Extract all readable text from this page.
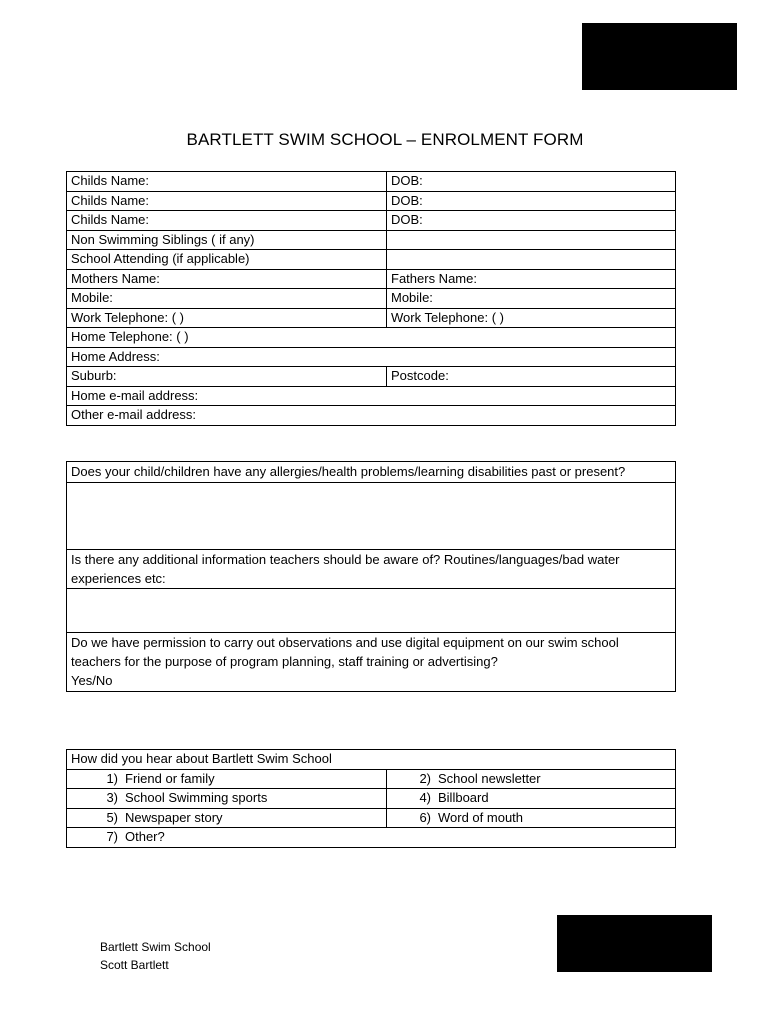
BARTLETT SWIM SCHOOL – ENROLMENT FORM
Childs Name:	DOB:
Childs Name:	DOB:
Childs Name:	DOB:
Non Swimming Siblings ( if any)	
School Attending (if applicable)	
Mothers Name:	Fathers Name:
Mobile:	Mobile:
Work Telephone: ( )	Work Telephone: ( )
Home Telephone: ( )	
Home Address:	
Suburb:	Postcode:
Home e-mail address:	
Other e-mail address:	
Does your child/children have any allergies/health problems/learning disabilities past or present?

Is there any additional information teachers should be aware of? Routines/languages/bad water experiences etc:

Do we have permission to carry out observations and use digital equipment on our swim school teachers for the purpose of program planning, staff training or advertising?
Yes/No
How did you hear about Bartlett Swim School	
1) Friend or family	2) School newsletter
3) School Swimming sports	4) Billboard
5) Newspaper story	6) Word of mouth
7) Other?	
Bartlett Swim School
Scott Bartlett
